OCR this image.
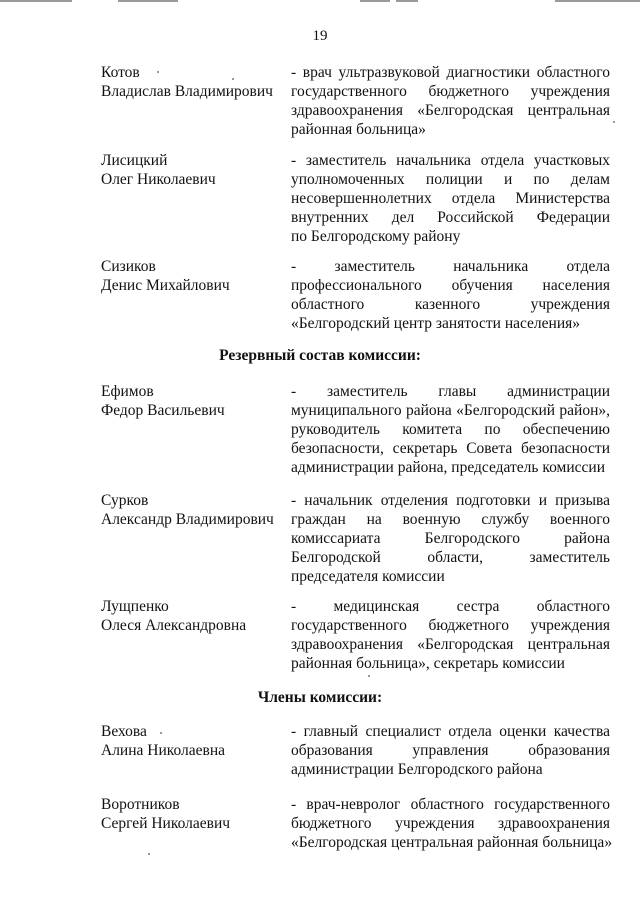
19
Котов
Владислав Владимирович
- врач ультразвуковой диагностики областного
государственного бюджетного учреждения
здравоохранения «Белгородская центральная
районная больница»
Лисицкий
Олег Николаевич
- заместитель начальника отдела участковых
уполномоченных полиции и по делам
несовершеннолетних отдела Министерства
внутренних дел Российской Федерации
по Белгородскому району
Сизиков
Денис Михайлович
- заместитель начальника отдела
профессионального обучения населения
областного казенного учреждения
«Белгородский центр занятости населения»
Резервный состав комиссии:
Ефимов
Федор Васильевич
- заместитель главы администрации
муниципального района «Белгородский район»,
руководитель комитета по обеспечению
безопасности, секретарь Совета безопасности
администрации района, председатель комиссии
Сурков
Александр Владимирович
- начальник отделения подготовки и призыва
граждан на военную службу военного
комиссариата Белгородского района
Белгородской области, заместитель
председателя комиссии
Лущпенко
Олеся Александровна
- медицинская сестра областного
государственного бюджетного учреждения
здравоохранения «Белгородская центральная
районная больница», секретарь комиссии
Члены комиссии:
Вехова
Алина Николаевна
- главный специалист отдела оценки качества
образования управления образования
администрации Белгородского района
Воротников
Сергей Николаевич
- врач-невролог областного государственного
бюджетного учреждения здравоохранения
«Белгородская центральная районная больница»
